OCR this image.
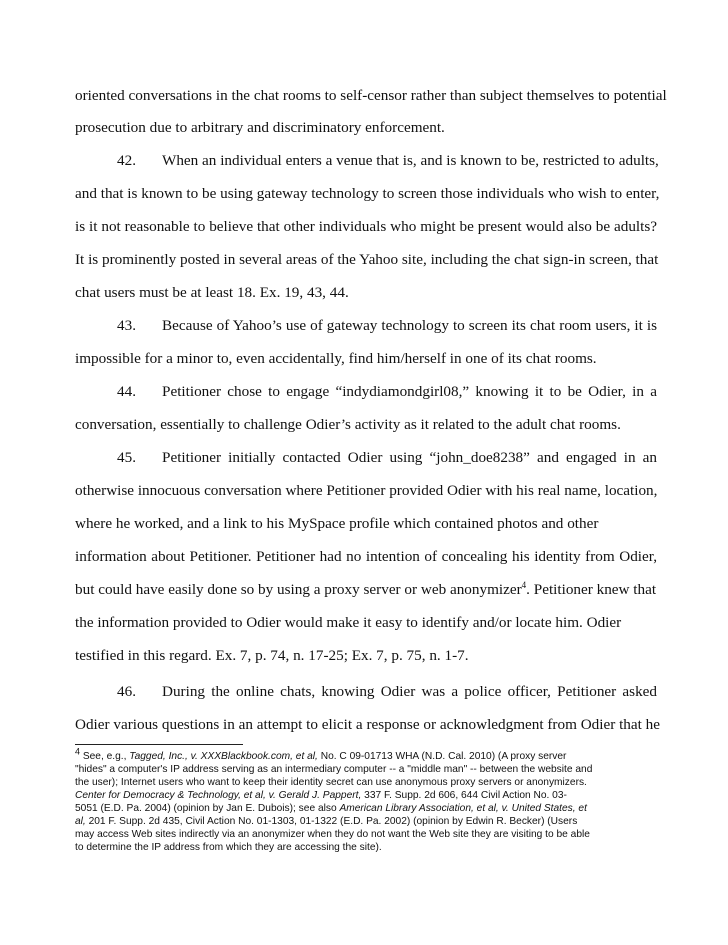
oriented conversations in the chat rooms to self-censor rather than subject themselves to potential
prosecution due to arbitrary and discriminatory enforcement.
42. When an individual enters a venue that is, and is known to be, restricted to adults,
and that is known to be using gateway technology to screen those individuals who wish to enter,
is it not reasonable to believe that other individuals who might be present would also be adults?
It is prominently posted in several areas of the Yahoo site, including the chat sign-in screen, that
chat users must be at least 18. Ex. 19, 43, 44.
43. Because of Yahoo’s use of gateway technology to screen its chat room users, it is
impossible for a minor to, even accidentally, find him/herself in one of its chat rooms.
44. Petitioner chose to engage “indydiamondgirl08,” knowing it to be Odier, in a
conversation, essentially to challenge Odier’s activity as it related to the adult chat rooms.
45. Petitioner initially contacted Odier using “john_doe8238” and engaged in an
otherwise innocuous conversation where Petitioner provided Odier with his real name, location,
where he worked, and a link to his MySpace profile which contained photos and other
information about Petitioner. Petitioner had no intention of concealing his identity from Odier,
but could have easily done so by using a proxy server or web anonymizer$^4$. Petitioner knew that
the information provided to Odier would make it easy to identify and/or locate him. Odier
testified in this regard. Ex. 7, p. 74, n. 17-25; Ex. 7, p. 75, n. 1-7.
46. During the online chats, knowing Odier was a police officer, Petitioner asked
Odier various questions in an attempt to elicit a response or acknowledgment from Odier that he
$^4$ See, e.g., Tagged, Inc., v. XXXBlackbook.com, et al, No. C 09-01713 WHA (N.D. Cal. 2010) (A proxy server
"hides" a computer's IP address serving as an intermediary computer -- a "middle man" -- between the website and
the user); Internet users who want to keep their identity secret can use anonymous proxy servers or anonymizers.
Center for Democracy & Technology, et al, v. Gerald J. Pappert, 337 F. Supp. 2d 606, 644 Civil Action No. 03-
5051 (E.D. Pa. 2004) (opinion by Jan E. Dubois); see also American Library Association, et al, v. United States, et
al, 201 F. Supp. 2d 435, Civil Action No. 01-1303, 01-1322 (E.D. Pa. 2002) (opinion by Edwin R. Becker) (Users
may access Web sites indirectly via an anonymizer when they do not want the Web site they are visiting to be able
to determine the IP address from which they are accessing the site).
